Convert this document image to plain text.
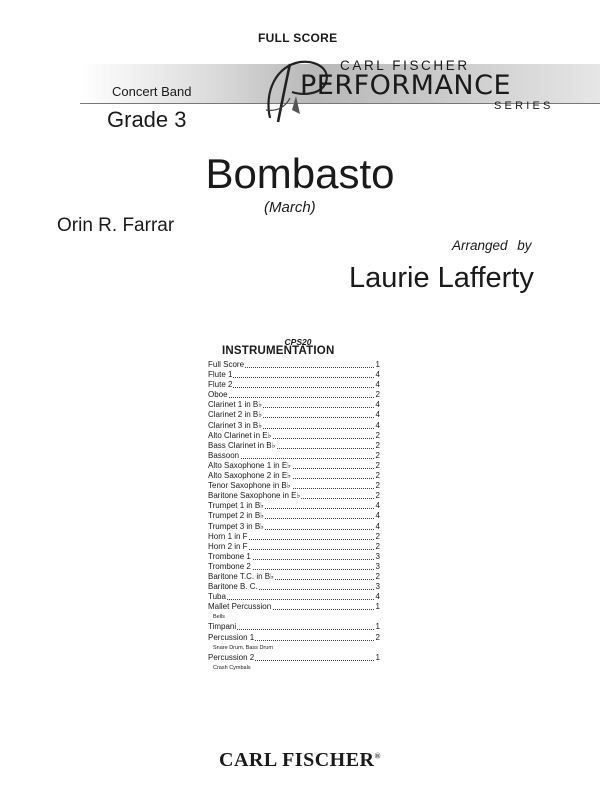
FULL SCORE
CARL FISCHER
PERFORMANCE
SERIES
Concert Band
Grade 3
Bombasto
(March)
Orin R. Farrar
Arranged by
Laurie Lafferty
CPS20
INSTRUMENTATION
Full Score	1
Flute 1	4
Flute 2	4
Oboe	2
Clarinet 1 in B♭	4
Clarinet 2 in B♭	4
Clarinet 3 in B♭	4
Alto Clarinet in E♭	2
Bass Clarinet in B♭	2
Bassoon	2
Alto Saxophone 1 in E♭	2
Alto Saxophone 2 in E♭	2
Tenor Saxophone in B♭	2
Baritone Saxophone in E♭	2
Trumpet 1 in B♭	4
Trumpet 2 in B♭	4
Trumpet 3 in B♭	4
Horn 1 in F	2
Horn 2 in F	2
Trombone 1	3
Trombone 2	3
Baritone T.C. in B♭	2
Baritone B. C.	3
Tuba	4
Mallet Percussion	1
Bells
Timpani	1
Percussion 1	2
Snare Drum, Bass Drum
Percussion 2	1
Crash Cymbals
CARL FISCHER®
